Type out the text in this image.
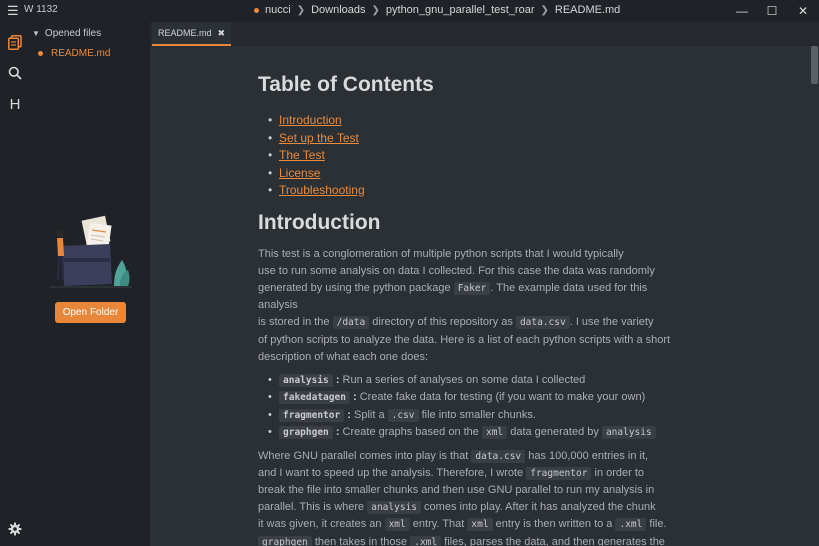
☰ W 1132	nucci ❯ Downloads ❯ python_gnu_parallel_test_roar ❯ README.md	—	☐	✕
H
▼ Opened files
README.md
Open Folder
README.md ✖
Table of Contents
• Introduction
• Set up the Test
• The Test
• License
• Troubleshooting
Introduction

This test is a conglomeration of multiple python scripts that I would typically
use to run some analysis on data I collected. For this case the data was randomly
generated by using the python package Faker . The example data used for this
analysis
is stored in the /data directory of this repository as data.csv . I use the variety
of python scripts to analyze the data. Here is a list of each python scripts with a short
description of what each one does:

• analysis : Run a series of analyses on some data I collected
• fakedatagen : Create fake data for testing (if you want to make your own)
• fragmentor : Split a .csv file into smaller chunks.
• graphgen : Create graphs based on the xml data generated by analysis

Where GNU parallel comes into play is that data.csv has 100,000 entries in it,
and I want to speed up the analysis. Therefore, I wrote fragmentor in order to
break the file into smaller chunks and then use GNU parallel to run my analysis in
parallel. This is where analysis comes into play. After it has analyzed the chunk
it was given, it creates an xml entry. That xml entry is then written to a .xml file.
graphgen then takes in those .xml files, parses the data, and then generates the
